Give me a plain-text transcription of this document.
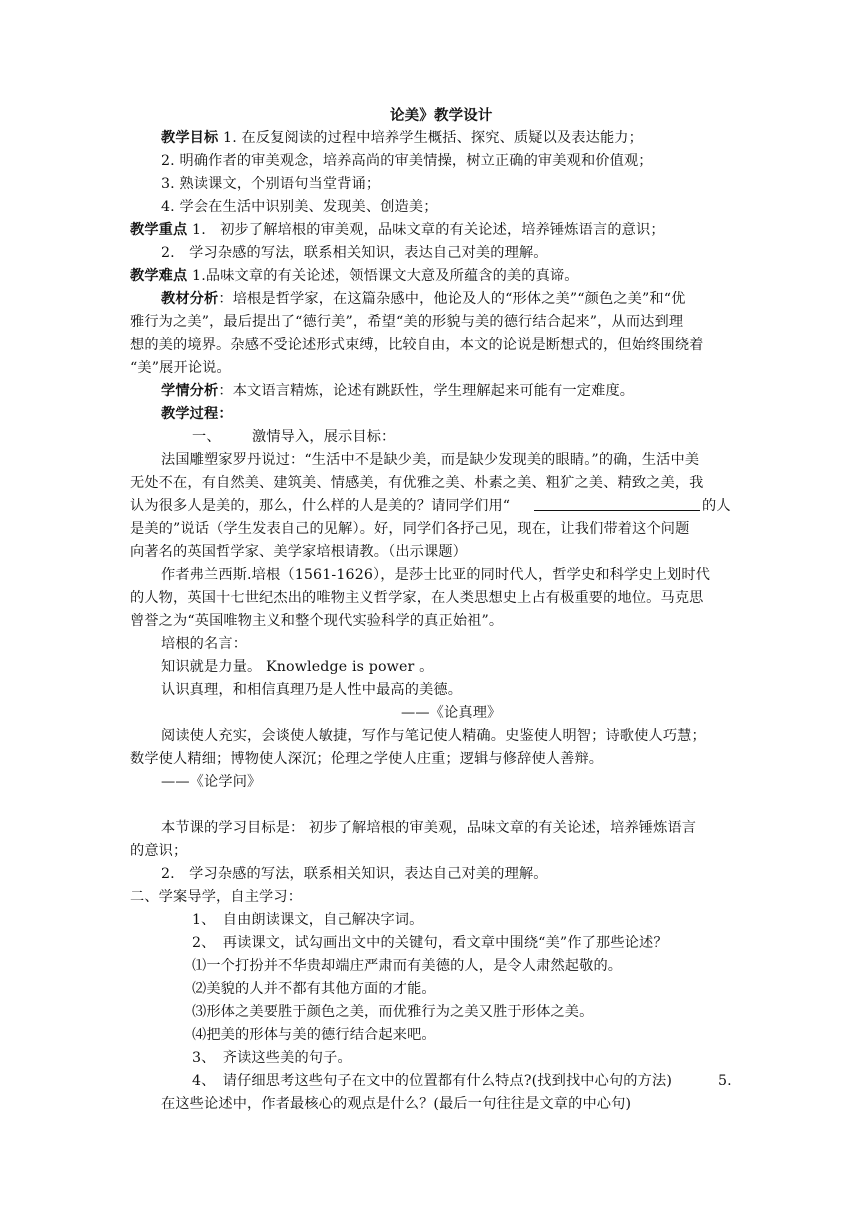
论美》教学设计
教学目标 1. 在反复阅读的过程中培养学生概括、探究、质疑以及表达能力；
2. 明确作者的审美观念，培养高尚的审美情操，树立正确的审美观和价值观；
3. 熟读课文，个别语句当堂背诵；
4. 学会在生活中识别美、发现美、创造美；
教学重点 1.　初步了解培根的审美观，品味文章的有关论述，培养锤炼语言的意识；
2.　学习杂感的写法，联系相关知识，表达自己对美的理解。
教学难点 1.品味文章的有关论述，领悟课文大意及所蕴含的美的真谛。
教材分析：培根是哲学家，在这篇杂感中，他论及人的“形体之美”“颜色之美”和“优
雅行为之美”，最后提出了“德行美”，希望“美的形貌与美的德行结合起来”，从而达到理
想的美的境界。杂感不受论述形式束缚，比较自由，本文的论说是断想式的，但始终围绕着
“美”展开论说。
学情分析：本文语言精炼，论述有跳跃性，学生理解起来可能有一定难度。
教学过程：
一、 激情导入，展示目标：
法国雕塑家罗丹说过：“生活中不是缺少美，而是缺少发现美的眼睛。”的确，生活中美
无处不在，有自然美、建筑美、情感美，有优雅之美、朴素之美、粗犷之美、精致之美，我
认为很多人是美的，那么，什么样的人是美的？请同学们用“	的人
是美的”说话（学生发表自己的见解）。好，同学们各抒己见，现在，让我们带着这个问题
向著名的英国哲学家、美学家培根请教。（出示课题）
作者弗兰西斯.培根（1561-1626），是莎士比亚的同时代人，哲学史和科学史上划时代
的人物，英国十七世纪杰出的唯物主义哲学家，在人类思想史上占有极重要的地位。马克思
曾誉之为“英国唯物主义和整个现代实验科学的真正始祖”。
培根的名言：
知识就是力量。 Knowledge is power 。
认识真理，和相信真理乃是人性中最高的美德。
——《论真理》
阅读使人充实，会谈使人敏捷，写作与笔记使人精确。史鉴使人明智；诗歌使人巧慧；
数学使人精细；博物使人深沉；伦理之学使人庄重；逻辑与修辞使人善辩。
——《论学问》
本节课的学习目标是： 初步了解培根的审美观，品味文章的有关论述，培养锤炼语言
的意识；
2.　学习杂感的写法，联系相关知识，表达自己对美的理解。
二、学案导学，自主学习：
1、　自由朗读课文，自己解决字词。
2、　再读课文，试勾画出文中的关键句，看文章中围绕“美”作了那些论述？
⑴一个打扮并不华贵却端庄严肃而有美德的人，是令人肃然起敬的。
⑵美貌的人并不都有其他方面的才能。
⑶形体之美要胜于颜色之美，而优雅行为之美又胜于形体之美。
⑷把美的形体与美的德行结合起来吧。
3、　齐读这些美的句子。
4、　请仔细思考这些句子在文中的位置都有什么特点?(找到找中心句的方法)	5.
在这些论述中，作者最核心的观点是什么？(最后一句往往是文章的中心句)
